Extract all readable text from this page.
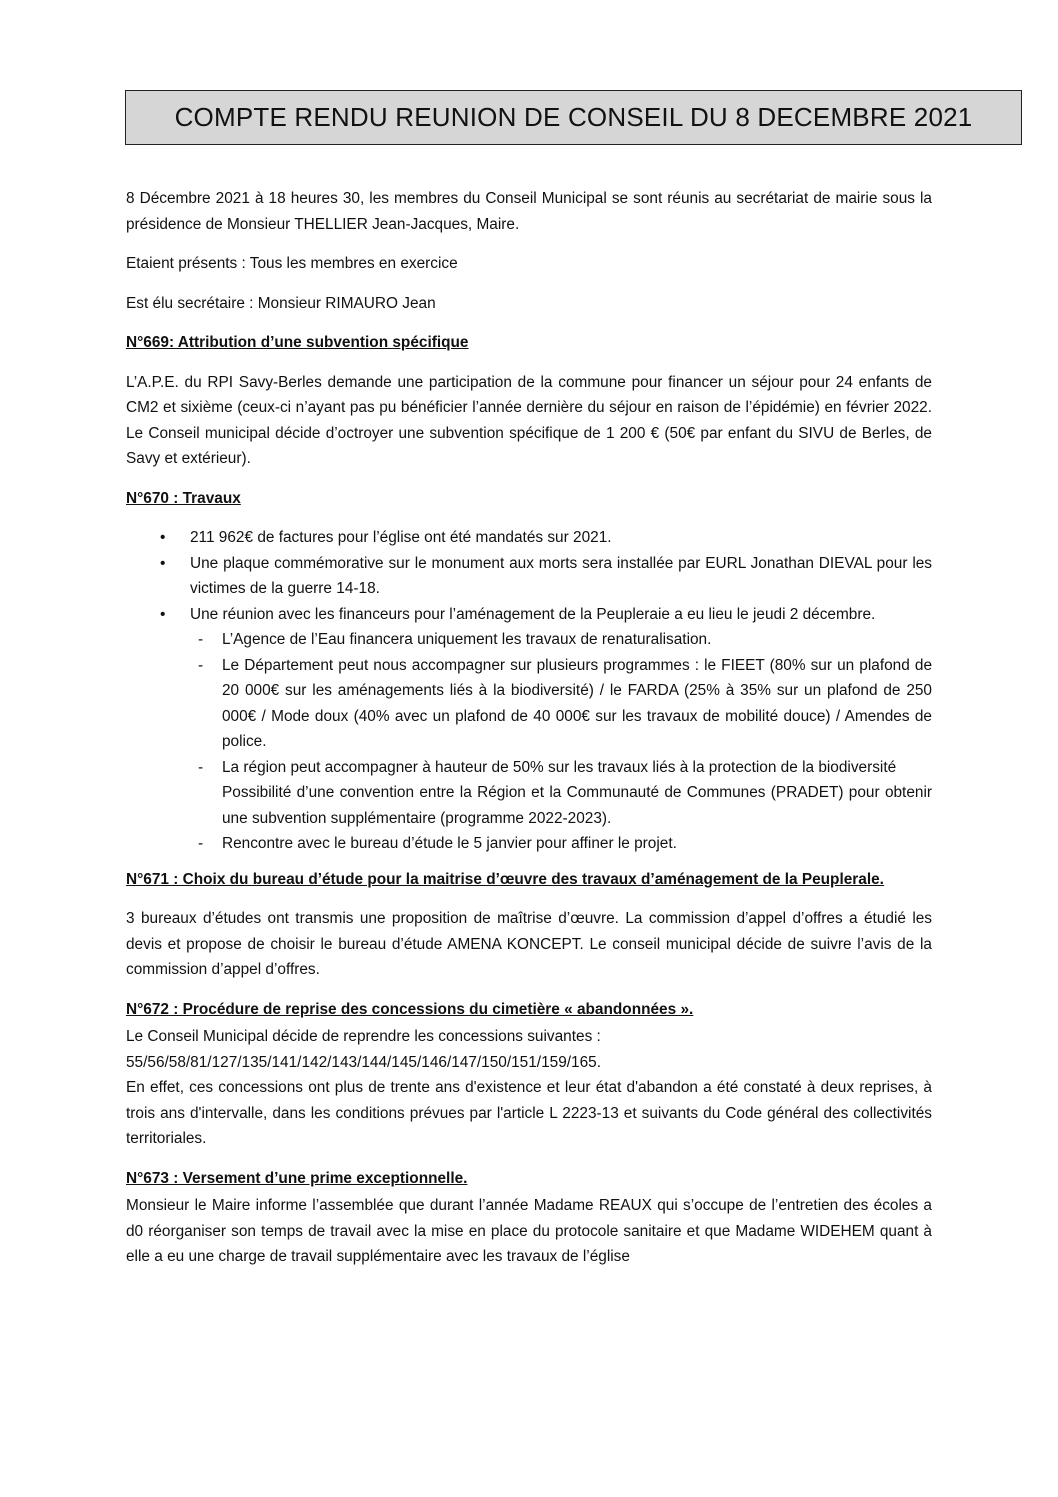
COMPTE RENDU REUNION DE CONSEIL DU 8 DECEMBRE 2021

8 Décembre 2021 à 18 heures 30, les membres du Conseil Municipal se sont réunis au secrétariat de mairie sous la présidence de Monsieur THELLIER Jean-Jacques, Maire.

Etaient présents : Tous les membres en exercice

Est élu secrétaire : Monsieur RIMAURO Jean

N°669: Attribution d’une subvention spécifique

L’A.P.E. du RPI Savy-Berles demande une participation de la commune pour financer un séjour pour 24 enfants de CM2 et sixième (ceux-ci n’ayant pas pu bénéficier l’année dernière du séjour en raison de l’épidémie) en février 2022. Le Conseil municipal décide d’octroyer une subvention spécifique de 1 200 € (50€ par enfant du SIVU de Berles, de Savy et extérieur).

N°670 : Travaux
• 211 962€ de factures pour l’église ont été mandatés sur 2021.
• Une plaque commémorative sur le monument aux morts sera installée par EURL Jonathan DIEVAL pour les victimes de la guerre 14-18.
• Une réunion avec les financeurs pour l’aménagement de la Peupleraie a eu lieu le jeudi 2 décembre.
- L’Agence de l’Eau financera uniquement les travaux de renaturalisation.
- Le Département peut nous accompagner sur plusieurs programmes : le FIEET (80% sur un plafond de 20 000€ sur les aménagements liés à la biodiversité) / le FARDA (25% à 35% sur un plafond de 250 000€ / Mode doux (40% avec un plafond de 40 000€ sur les travaux de mobilité douce) / Amendes de police.
- La région peut accompagner à hauteur de 50% sur les travaux liés à la protection de la biodiversité
Possibilité d’une convention entre la Région et la Communauté de Communes (PRADET) pour obtenir une subvention supplémentaire (programme 2022-2023).
- Rencontre avec le bureau d’étude le 5 janvier pour affiner le projet.
N°671 : Choix du bureau d’étude pour la maitrise d’œuvre des travaux d’aménagement de la Peuplerale.

3 bureaux d’études ont transmis une proposition de maîtrise d’œuvre. La commission d’appel d’offres a étudié les devis et propose de choisir le bureau d’étude AMENA KONCEPT. Le conseil municipal décide de suivre l’avis de la commission d’appel d’offres.

N°672 : Procédure de reprise des concessions du cimetière « abandonnées ».
Le Conseil Municipal décide de reprendre les concessions suivantes :
55/56/58/81/127/135/141/142/143/144/145/146/147/150/151/159/165.
En effet, ces concessions ont plus de trente ans d'existence et leur état d'abandon a été constaté à deux reprises, à trois ans d'intervalle, dans les conditions prévues par l'article L 2223-13 et suivants du Code général des collectivités territoriales.
N°673 : Versement d’une prime exceptionnelle.

Monsieur le Maire informe l’assemblée que durant l’année Madame REAUX qui s’occupe de l’entretien des écoles a d0 réorganiser son temps de travail avec la mise en place du protocole sanitaire et que Madame WIDEHEM quant à elle a eu une charge de travail supplémentaire avec les travaux de l’église
